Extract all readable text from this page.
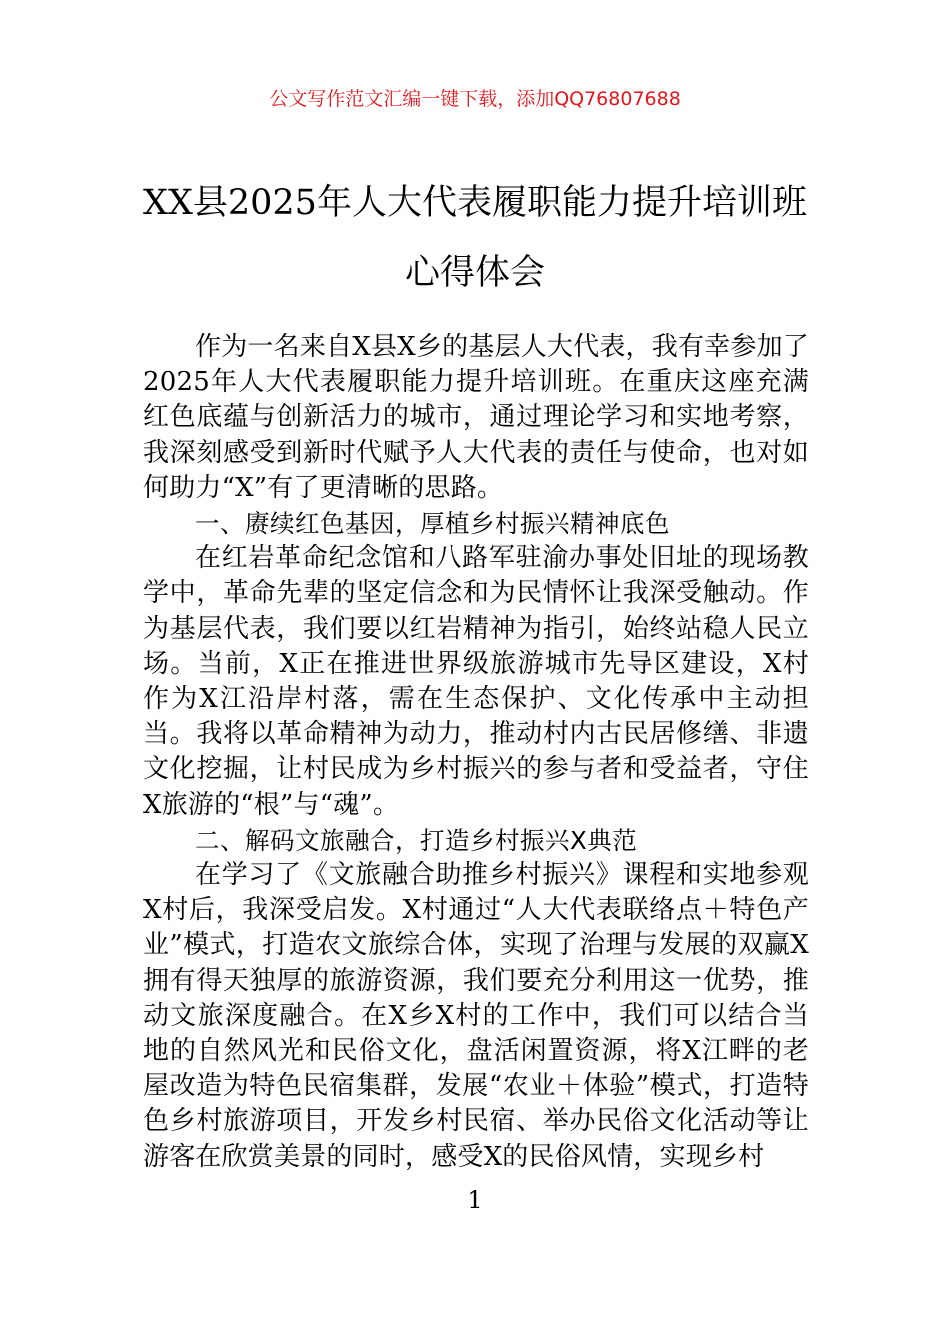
公文写作范文汇编一键下载，添加QQ76807688
XX县2025年人大代表履职能力提升培训班心得体会

作为一名来自X县X乡的基层人大代表，我有幸参加了2025年人大代表履职能力提升培训班。在重庆这座充满红色底蕴与创新活力的城市，通过理论学习和实地考察，我深刻感受到新时代赋予人大代表的责任与使命，也对如何助力“X”有了更清晰的思路。

一、赓续红色基因，厚植乡村振兴精神底色

在红岩革命纪念馆和八路军驻渝办事处旧址的现场教学中，革命先辈的坚定信念和为民情怀让我深受触动。作为基层代表，我们要以红岩精神为指引，始终站稳人民立场。当前，X正在推进世界级旅游城市先导区建设，X村作为X江沿岸村落，需在生态保护、文化传承中主动担当。我将以革命精神为动力，推动村内古民居修缮、非遗文化挖掘，让村民成为乡村振兴的参与者和受益者，守住X旅游的“根”与“魂”。

二、解码文旅融合，打造乡村振兴X典范

在学习了《文旅融合助推乡村振兴》课程和实地参观X村后，我深受启发。X村通过“人大代表联络点＋特色产业”模式，打造农文旅综合体，实现了治理与发展的双赢X拥有得天独厚的旅游资源，我们要充分利用这一优势，推动文旅深度融合。在X乡X村的工作中，我们可以结合当地的自然风光和民俗文化，盘活闲置资源，将X江畔的老屋改造为特色民宿集群，发展“农业＋体验”模式，打造特色乡村旅游项目，开发乡村民宿、举办民俗文化活动等让游客在欣赏美景的同时，感受X的民俗风情，实现乡村

1
